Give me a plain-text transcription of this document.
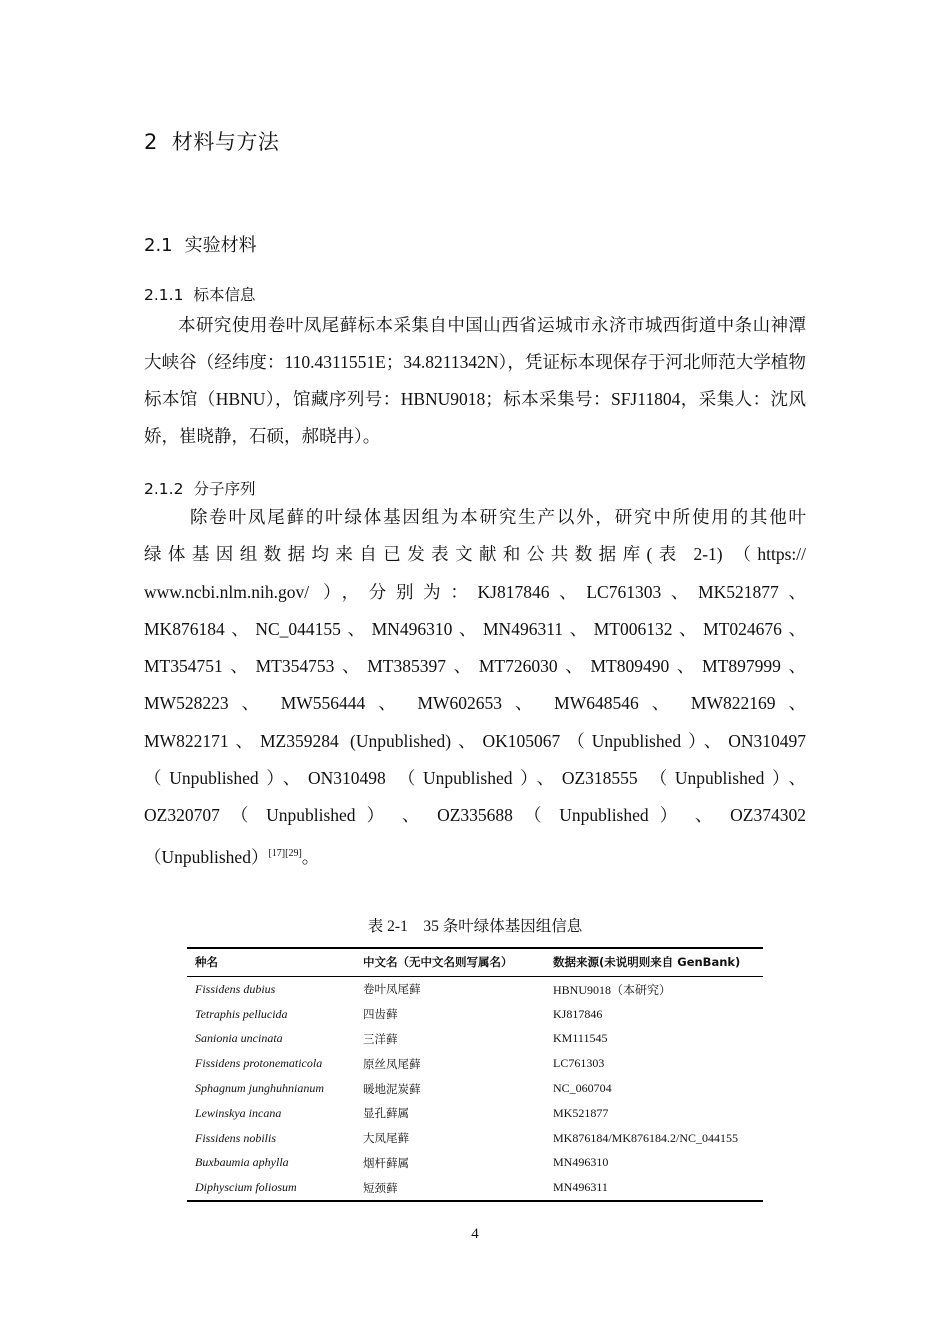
2 材料与方法
2.1 实验材料
2.1.1 标本信息
本研究使用卷叶凤尾藓标本采集自中国山西省运城市永济市城西街道中条山神潭大峡谷（经纬度：110.4311551E；34.8211342N），凭证标本现保存于河北师范大学植物标本馆（HBNU），馆藏序列号：HBNU9018；标本采集号：SFJ11804，采集人：沈风娇，崔晓静，石硕，郝晓冉）。
2.1.2 分子序列
除卷叶凤尾藓的叶绿体基因组为本研究生产以外，研究中所使用的其他叶
绿体基因组数据均来自已发表文献和公共数据库(表 2-1) （https://
www.ncbi.nlm.nih.gov/ ），分别为：KJ817846、LC761303、MK521877、
MK876184、NC_044155、MN496310、MN496311、MT006132、MT024676、
MT354751、MT354753、MT385397、MT726030、MT809490、MT897999、
MW528223 、 MW556444 、 MW602653 、 MW648546 、 MW822169 、
MW822171、MZ359284 (Unpublished)、OK105067（Unpublished）、ON310497
（Unpublished）、ON310498 （Unpublished）、OZ318555 （Unpublished）、
OZ320707 （ Unpublished ） 、 OZ335688 （ Unpublished ） 、 OZ374302
（Unpublished）[17][29]。
表 2-1　35 条叶绿体基因组信息
种名	中文名（无中文名则写属名）	数据来源(未说明则来自 GenBank)
Fissidens dubius	卷叶凤尾藓	HBNU9018（本研究）
Tetraphis pellucida	四齿藓	KJ817846
Sanionia uncinata	三洋藓	KM111545
Fissidens protonematicola	原丝凤尾藓	LC761303
Sphagnum junghuhnianum	暖地泥炭藓	NC_060704
Lewinskya incana	显孔藓属	MK521877
Fissidens nobilis	大凤尾藓	MK876184/MK876184.2/NC_044155
Buxbaumia aphylla	烟杆藓属	MN496310
Diphyscium foliosum	短颈藓	MN496311
4
